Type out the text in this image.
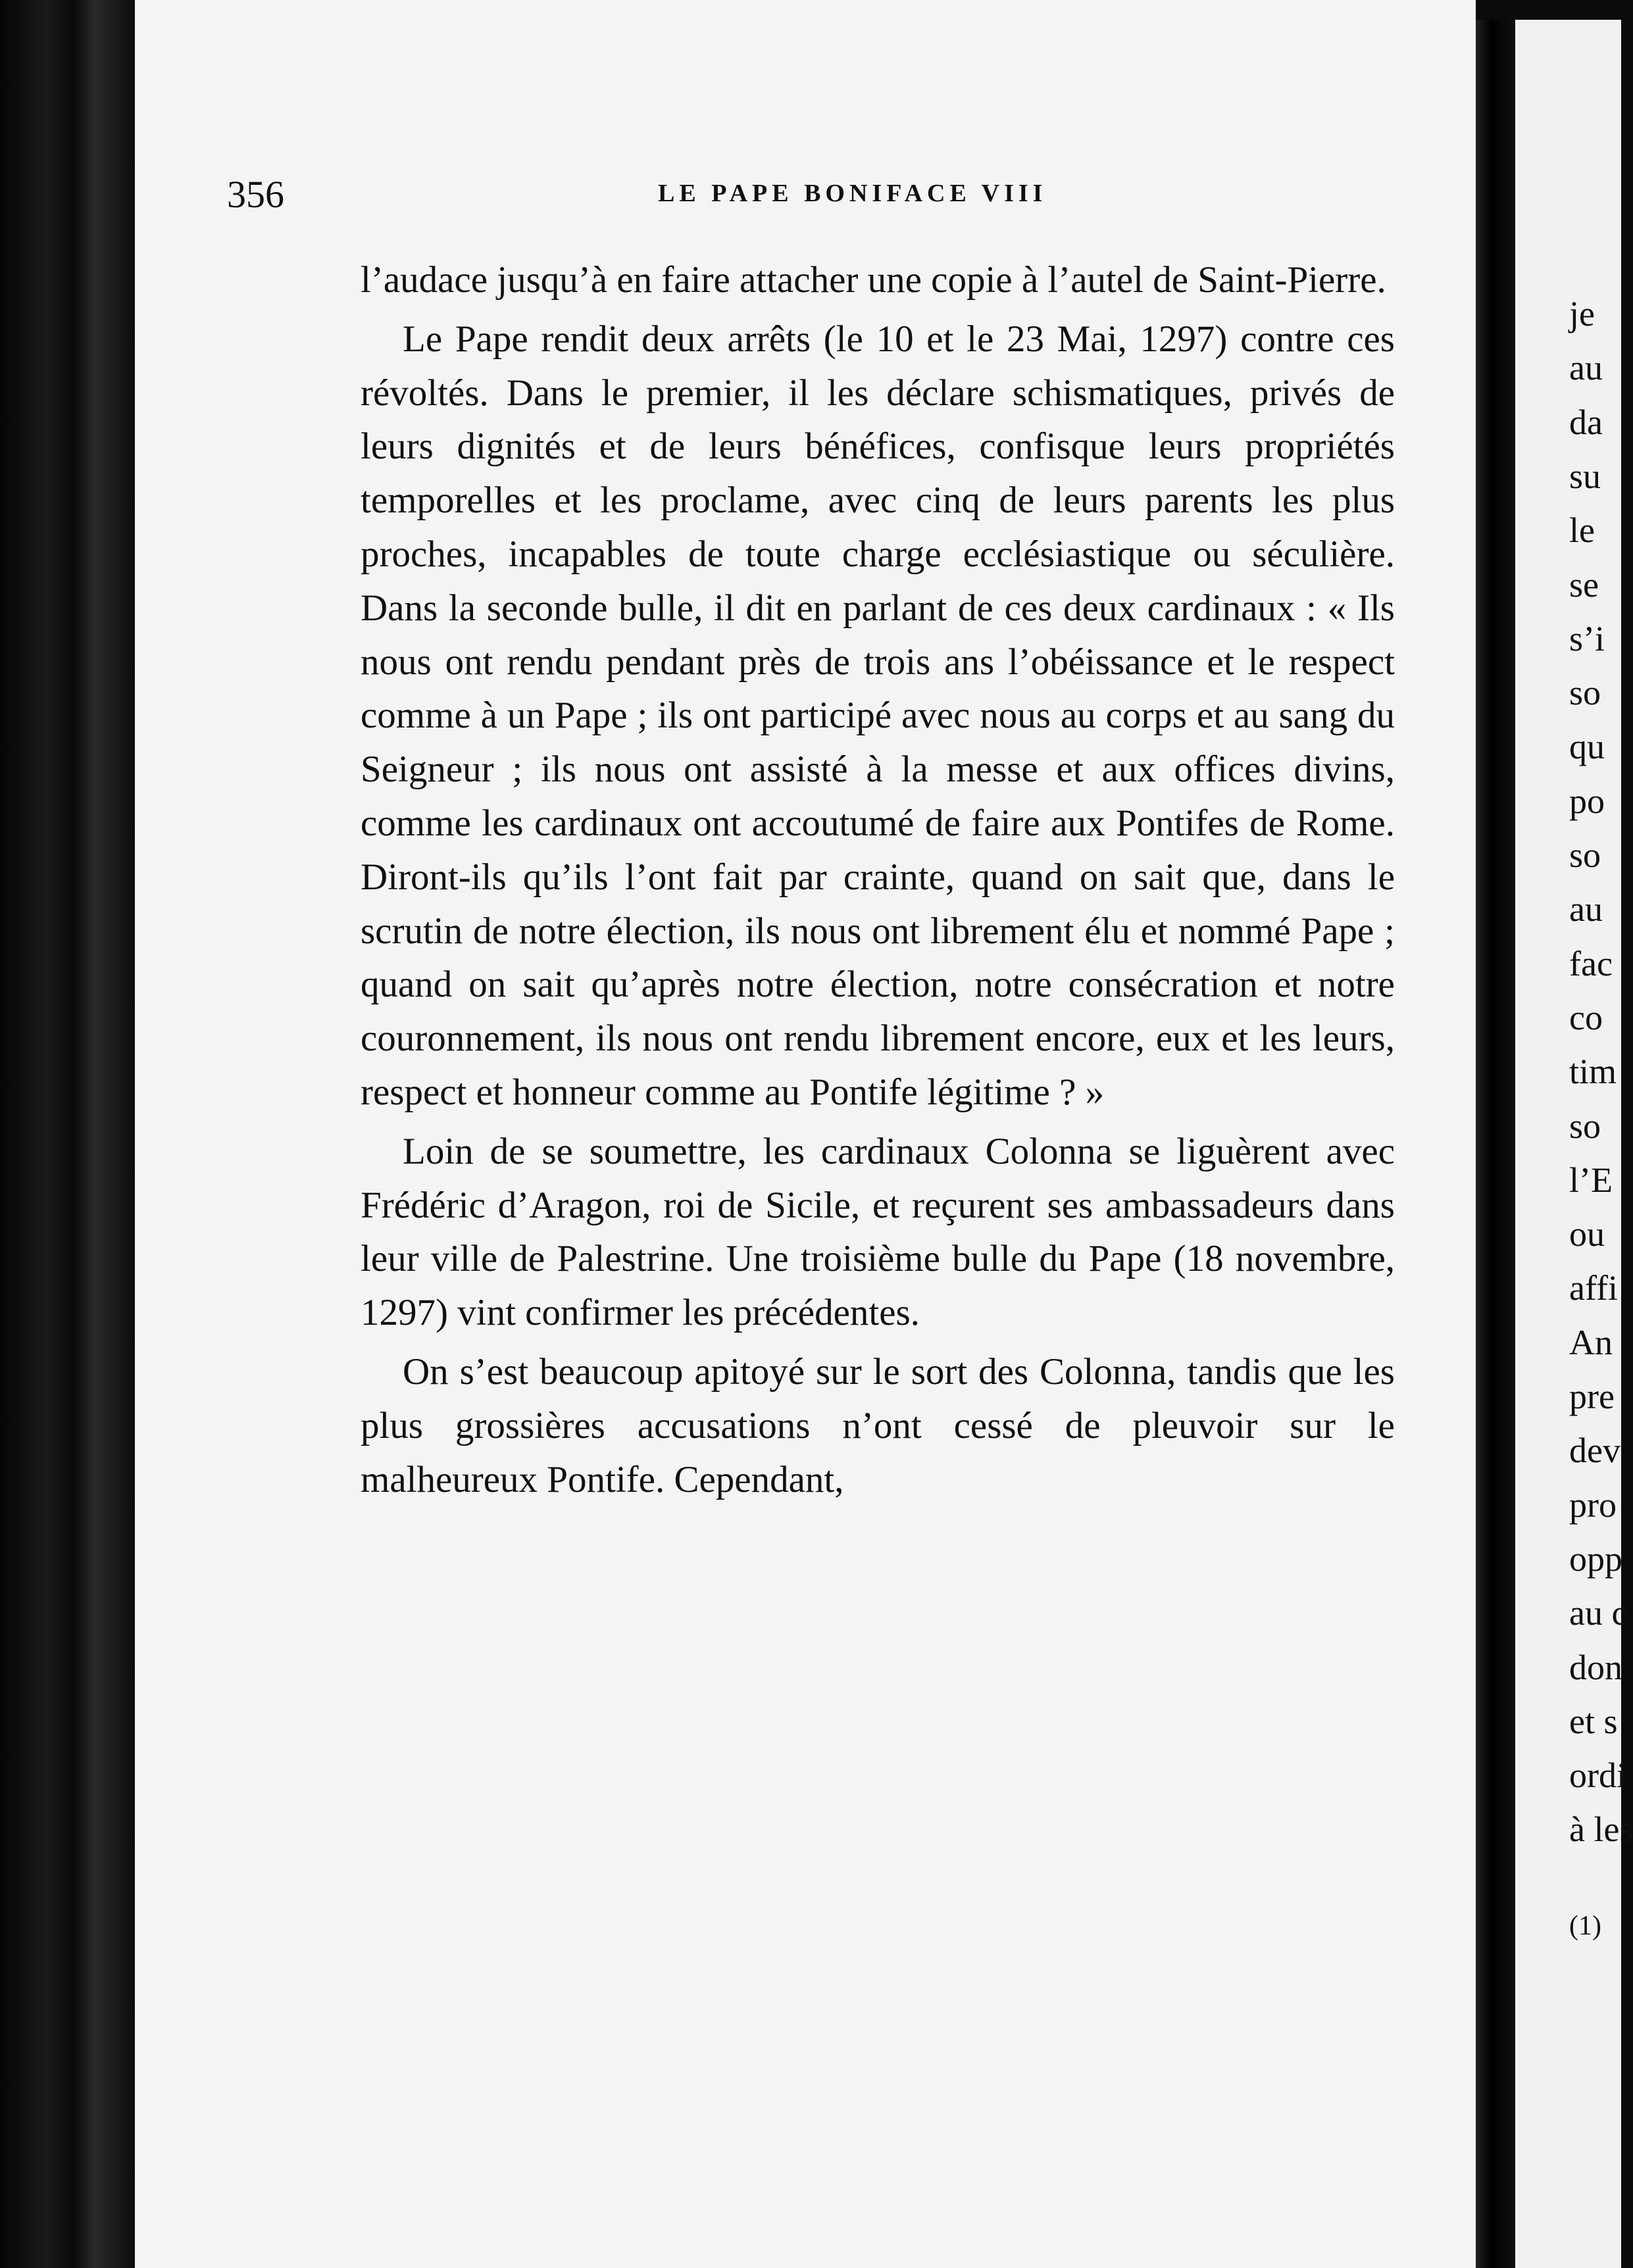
356	LE PAPE BONIFACE VIII

l’audace jusqu’à en faire attacher une copie à l’autel de Saint-Pierre.

Le Pape rendit deux arrêts (le 10 et le 23 Mai, 1297) contre ces révoltés. Dans le premier, il les déclare schismatiques, privés de leurs dignités et de leurs bénéfices, confisque leurs propriétés temporelles et les proclame, avec cinq de leurs parents les plus proches, incapables de toute charge ecclésiastique ou séculière. Dans la seconde bulle, il dit en parlant de ces deux cardinaux : « Ils nous ont rendu pendant près de trois ans l’obéissance et le respect comme à un Pape ; ils ont participé avec nous au corps et au sang du Seigneur ; ils nous ont assisté à la messe et aux offices divins, comme les cardinaux ont accoutumé de faire aux Pontifes de Rome. Diront-ils qu’ils l’ont fait par crainte, quand on sait que, dans le scrutin de notre élection, ils nous ont librement élu et nommé Pape ; quand on sait qu’après notre élection, notre consécration et notre couronnement, ils nous ont rendu librement encore, eux et les leurs, respect et honneur comme au Pontife légitime ? »

Loin de se soumettre, les cardinaux Colonna se liguèrent avec Frédéric d’Aragon, roi de Sicile, et reçurent ses ambassadeurs dans leur ville de Palestrine. Une troisième bulle du Pape (18 novembre, 1297) vint confirmer les précédentes.

On s’est beaucoup apitoyé sur le sort des Colonna, tandis que les plus grossières accusations n’ont cessé de pleuvoir sur le malheureux Pontife. Cependant,

je

au

da

su

le

se

s’i

so

qu

po

so

au

fac

co

tim

so

l’E

ou

affi

An

pre

dev

pro

opp

au c

don

et s

ordi

à les

(1)
